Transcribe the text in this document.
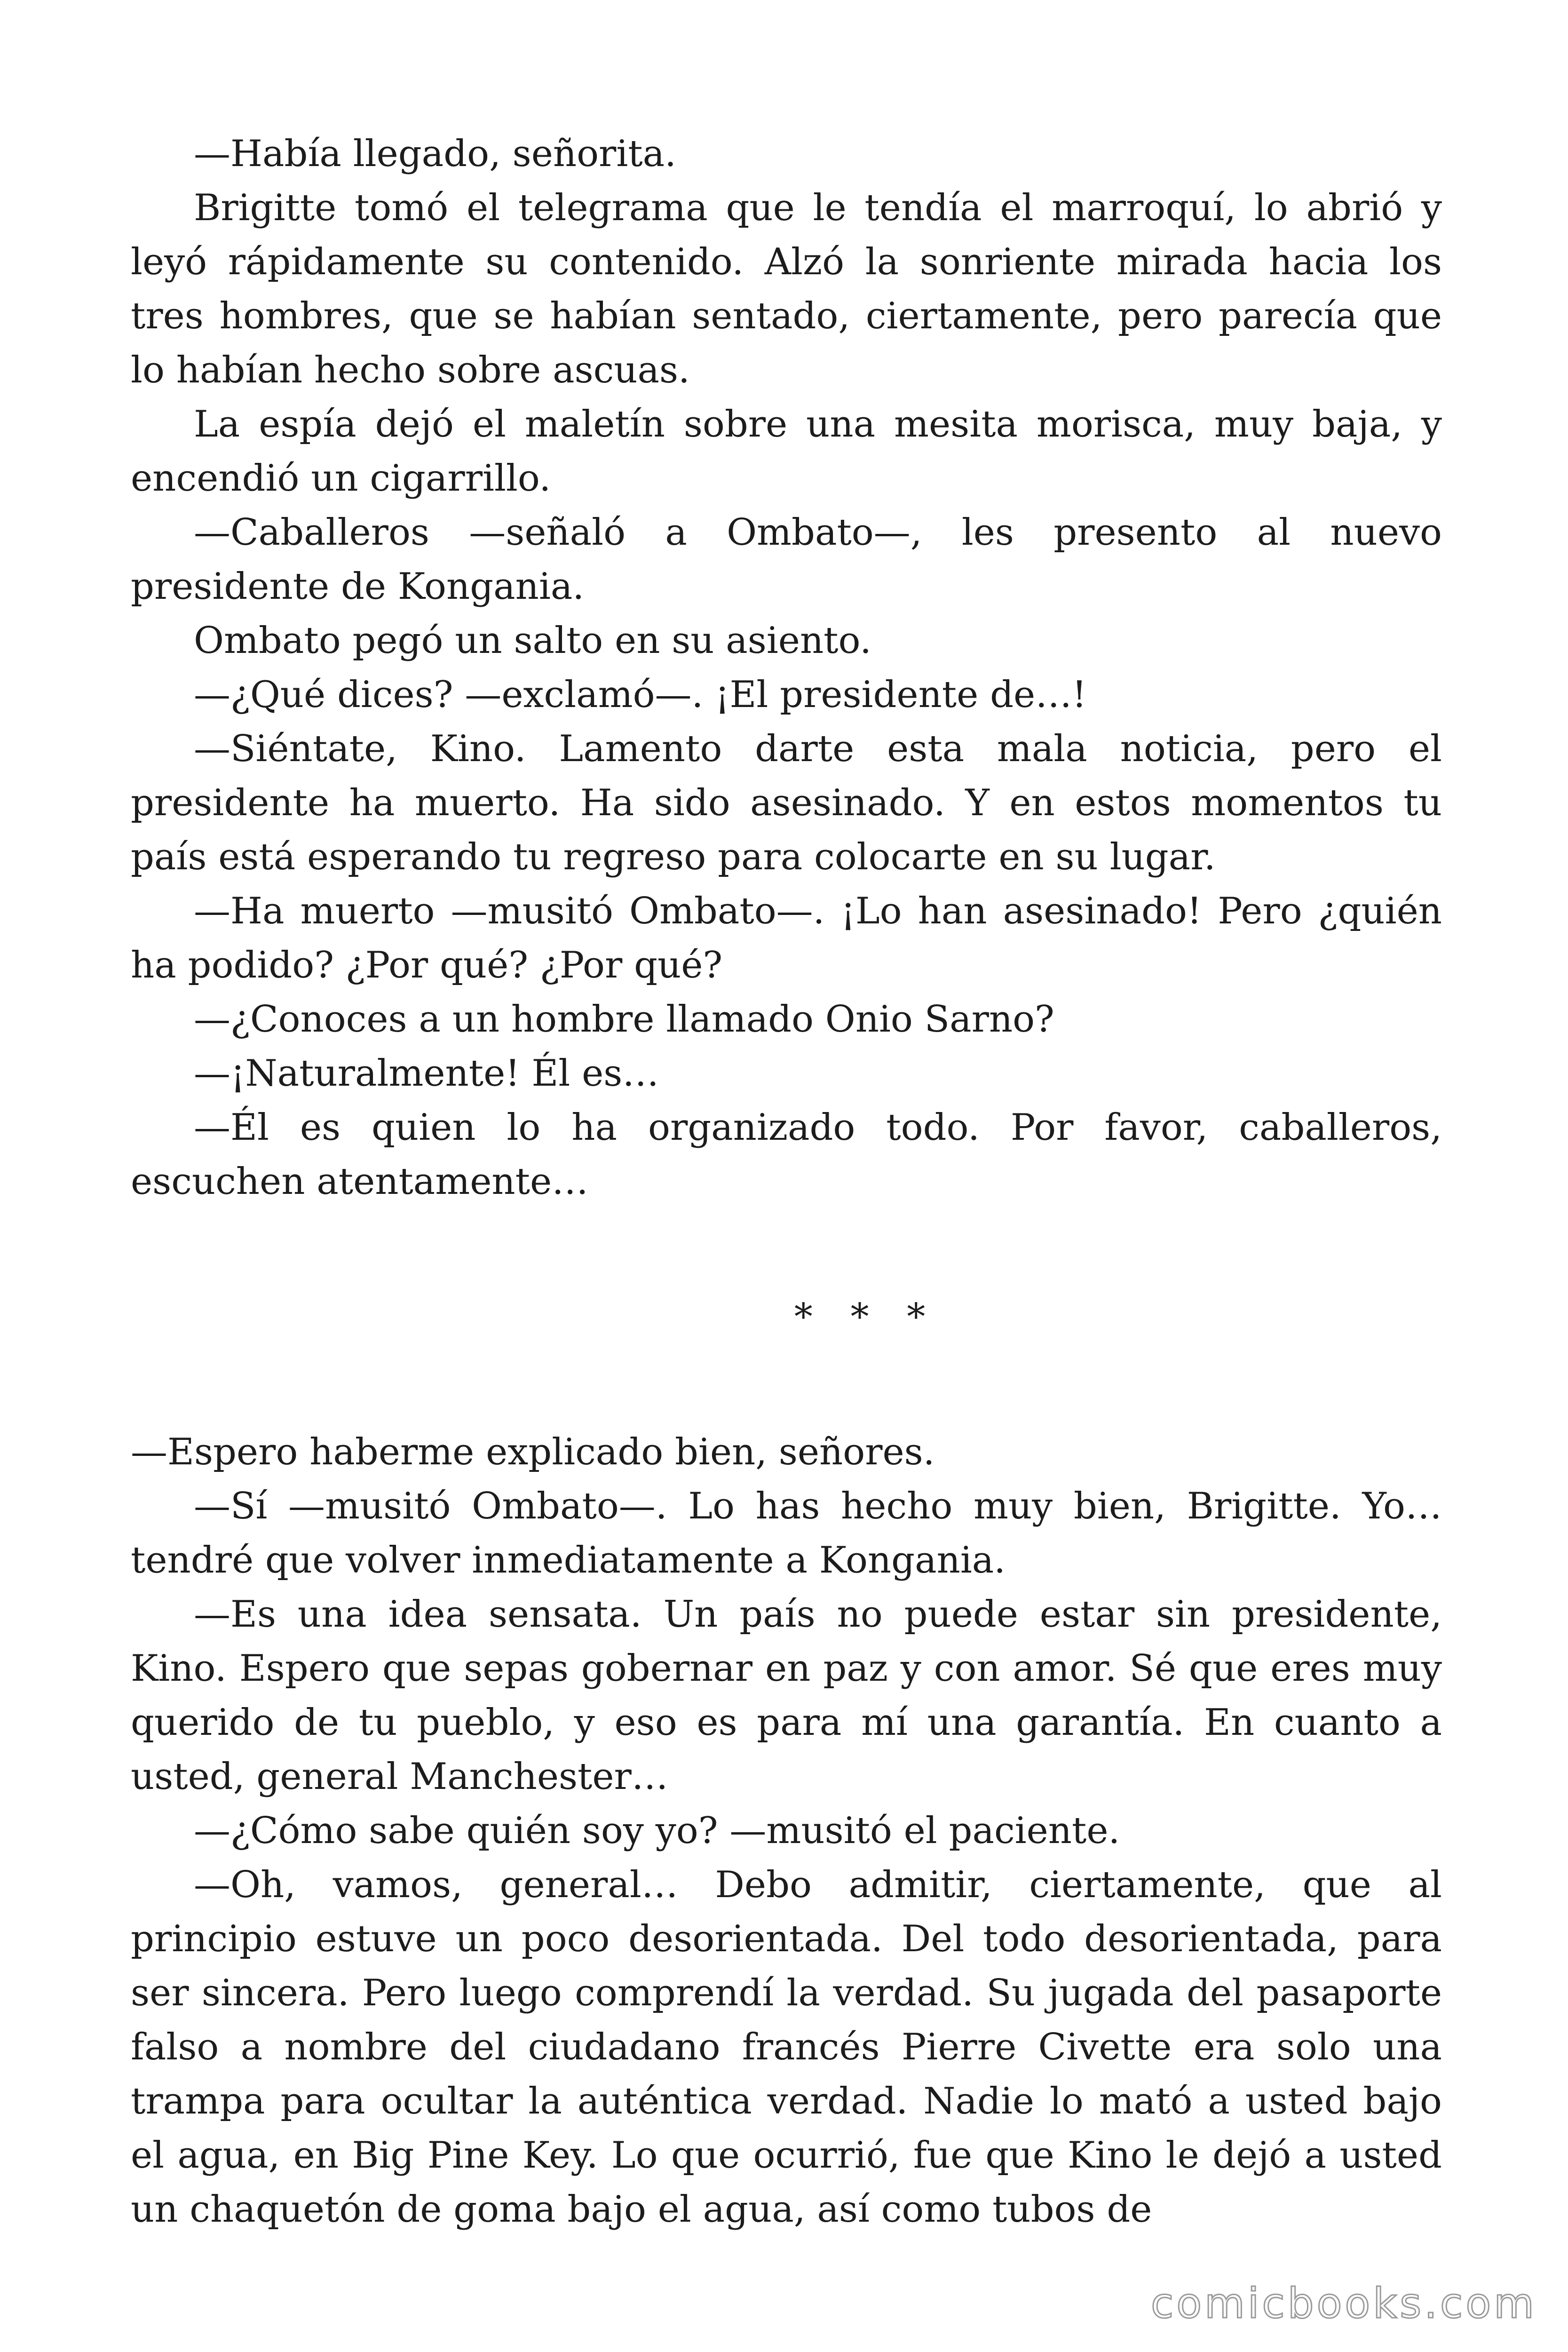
—Había llegado, señorita.

Brigitte tomó el telegrama que le tendía el marroquí, lo abrió y leyó rápidamente su contenido. Alzó la sonriente mirada hacia los tres hombres, que se habían sentado, ciertamente, pero parecía que lo habían hecho sobre ascuas.

La espía dejó el maletín sobre una mesita morisca, muy baja, y encendió un cigarrillo.

—Caballeros —señaló a Ombato—, les presento al nuevo presidente de Kongania.

Ombato pegó un salto en su asiento.

—¿Qué dices? —exclamó—. ¡El presidente de…!

—Siéntate, Kino. Lamento darte esta mala noticia, pero el presidente ha muerto. Ha sido asesinado. Y en estos momentos tu país está esperando tu regreso para colocarte en su lugar.

—Ha muerto —musitó Ombato—. ¡Lo han asesinado! Pero ¿quién ha podido? ¿Por qué? ¿Por qué?

—¿Conoces a un hombre llamado Onio Sarno?

—¡Naturalmente! Él es…

—Él es quien lo ha organizado todo. Por favor, caballeros, escuchen atentamente…

* * *

—Espero haberme explicado bien, señores.

—Sí —musitó Ombato—. Lo has hecho muy bien, Brigitte. Yo… tendré que volver inmediatamente a Kongania.

—Es una idea sensata. Un país no puede estar sin presidente, Kino. Espero que sepas gobernar en paz y con amor. Sé que eres muy querido de tu pueblo, y eso es para mí una garantía. En cuanto a usted, general Manchester…

—¿Cómo sabe quién soy yo? —musitó el paciente.

—Oh, vamos, general… Debo admitir, ciertamente, que al principio estuve un poco desorientada. Del todo desorientada, para ser sincera. Pero luego comprendí la verdad. Su jugada del pasaporte falso a nombre del ciudadano francés Pierre Civette era solo una trampa para ocultar la auténtica verdad. Nadie lo mató a usted bajo el agua, en Big Pine Key. Lo que ocurrió, fue que Kino le dejó a usted un chaquetón de goma bajo el agua, así como tubos de

comicbooks.com
